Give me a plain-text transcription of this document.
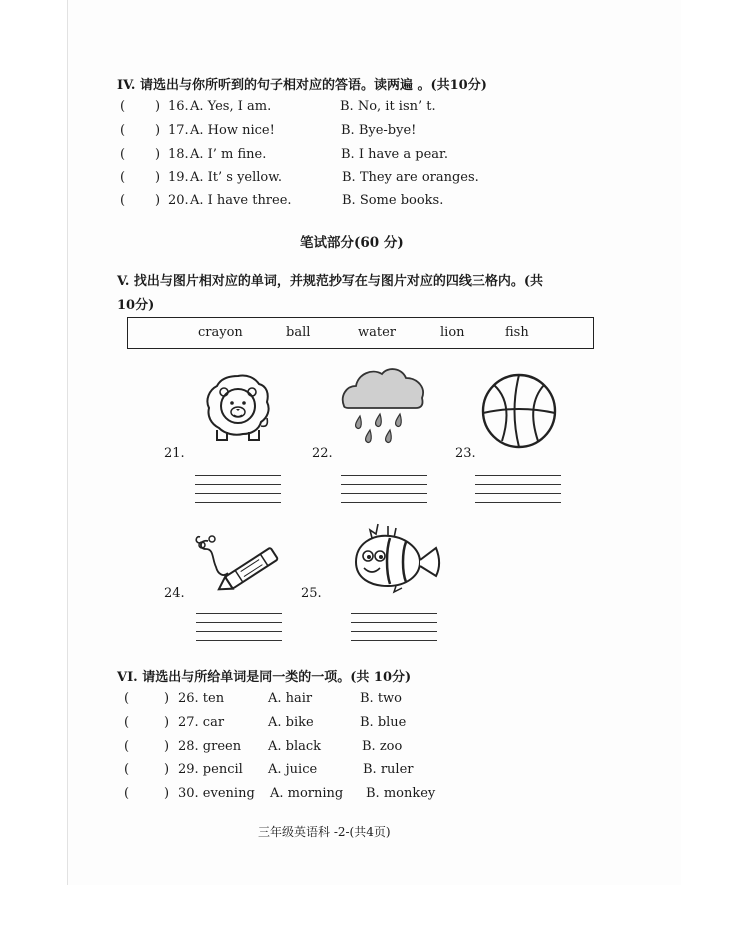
IV. 请选出与你所听到的句子相对应的答语。读两遍 。(共10分)
( ) 16. A. Yes, I am.	B. No, it isn’ t.
( ) 17. A. How nice!	B. Bye-bye!
( ) 18. A. I’ m fine.	B. I have a pear.
( ) 19. A. It’ s yellow.	B. They are oranges.
( ) 20. A. I have three.	B. Some books.
笔试部分(60 分)
V. 找出与图片相对应的单词，并规范抄写在与图片对应的四线三格内。(共
10分)
crayon	ball	water	lion	fish
21.	22.	23.
24.	25.
VI. 请选出与所给单词是同一类的一项。(共 10分)
(	) 26. ten	A. hair	B. two
(	) 27. car	A. bike	B. blue
(	) 28. green A. black	B. zoo
(	) 29. pencil A. juice	B. ruler
(	) 30. evening A. morning B. monkey
三年级英语科 -2-(共4页)
